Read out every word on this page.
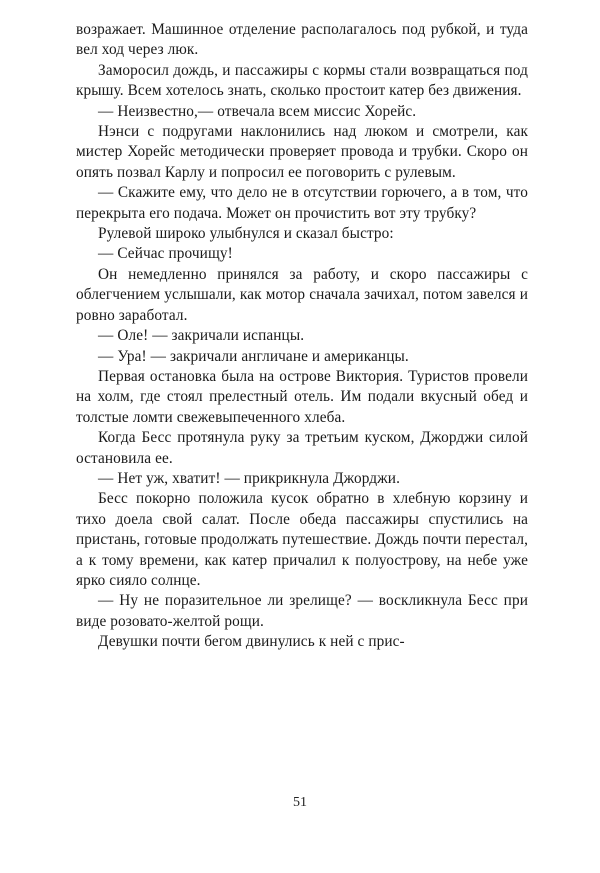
возражает. Машинное отделение располагалось под рубкой, и туда вел ход через люк.

Заморосил дождь, и пассажиры с кормы стали возвращаться под крышу. Всем хотелось знать, сколько простоит катер без движения.

— Неизвестно,— отвечала всем миссис Хорейс.

Нэнси с подругами наклонились над люком и смотрели, как мистер Хорейс методически проверяет провода и трубки. Скоро он опять позвал Карлу и попросил ее поговорить с рулевым.

— Скажите ему, что дело не в отсутствии горючего, а в том, что перекрыта его подача. Может он прочистить вот эту трубку?

Рулевой широко улыбнулся и сказал быстро:

— Сейчас прочищу!

Он немедленно принялся за работу, и скоро пассажиры с облегчением услышали, как мотор сначала зачихал, потом завелся и ровно заработал.

— Оле! — закричали испанцы.

— Ура! — закричали англичане и американцы.

Первая остановка была на острове Виктория. Туристов провели на холм, где стоял прелестный отель. Им подали вкусный обед и толстые ломти свежевыпеченного хлеба.

Когда Бесс протянула руку за третьим куском, Джорджи силой остановила ее.

— Нет уж, хватит! — прикрикнула Джорджи.

Бесс покорно положила кусок обратно в хлебную корзину и тихо доела свой салат. После обеда пассажиры спустились на пристань, готовые продолжать путешествие. Дождь почти перестал, а к тому времени, как катер причалил к полуострову, на небе уже ярко сияло солнце.

— Ну не поразительное ли зрелище? — воскликнула Бесс при виде розовато-желтой рощи.

Девушки почти бегом двинулись к ней с прис-

51
